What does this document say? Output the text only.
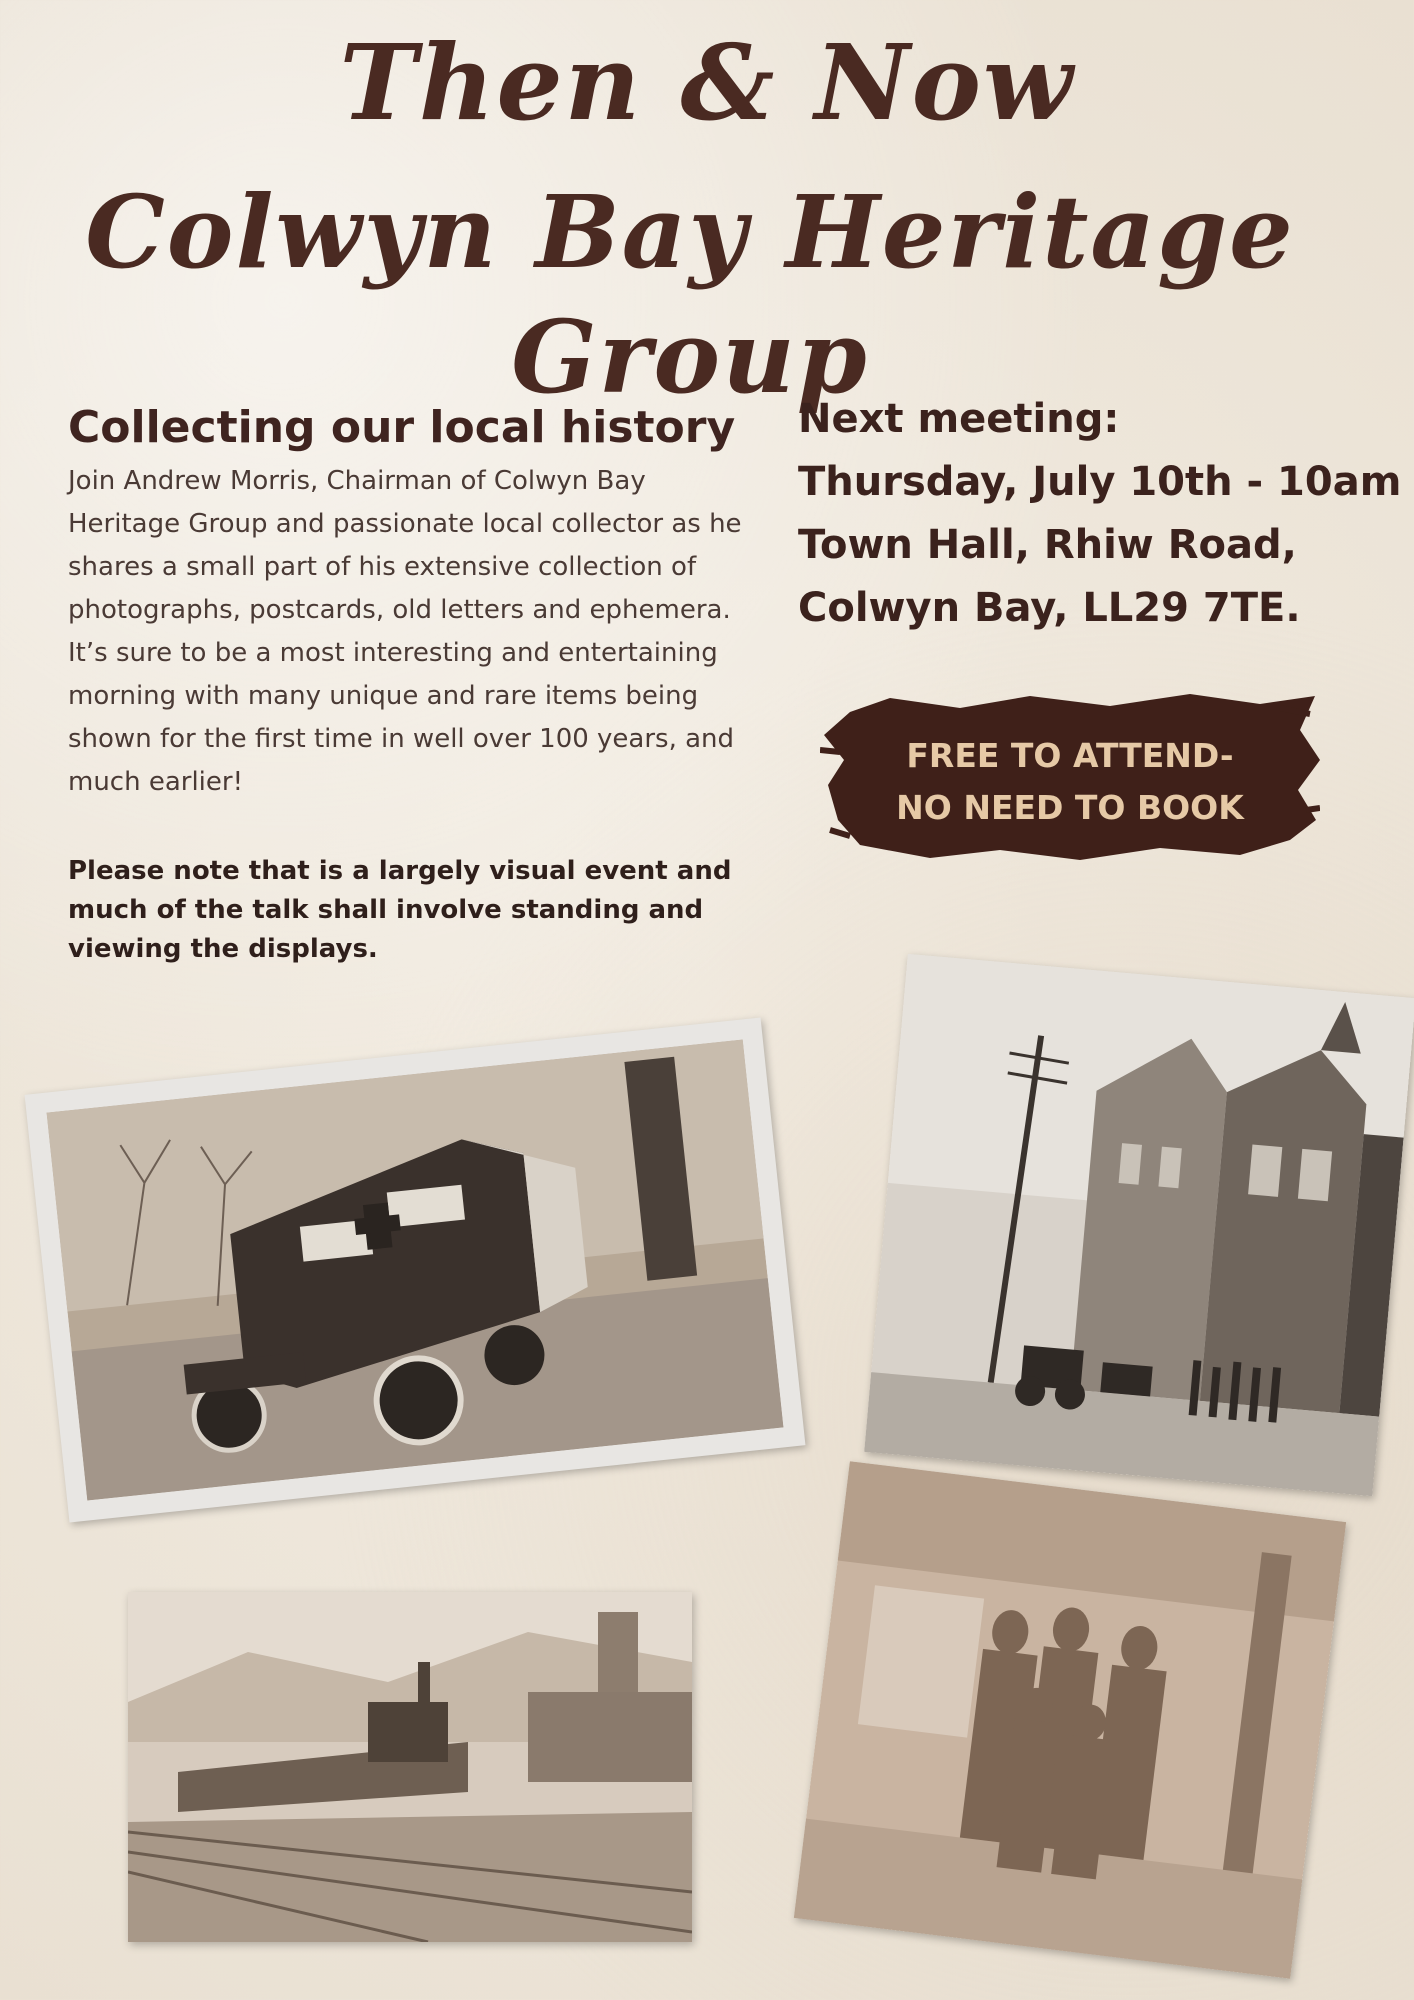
Then & Now
Colwyn Bay Heritage Group
Collecting our local history

Join Andrew Morris, Chairman of Colwyn Bay Heritage Group and passionate local collector as he shares a small part of his extensive collection of photographs, postcards, old letters and ephemera. It’s sure to be a most interesting and entertaining morning with many unique and rare items being shown for the first time in well over 100 years, and much earlier!

Please note that is a largely visual event and much of the talk shall involve standing and viewing the displays.
Next meeting:
Thursday, July 10th - 10am
Town Hall, Rhiw Road,
Colwyn Bay, LL29 7TE.
FREE TO ATTEND-
NO NEED TO BOOK
